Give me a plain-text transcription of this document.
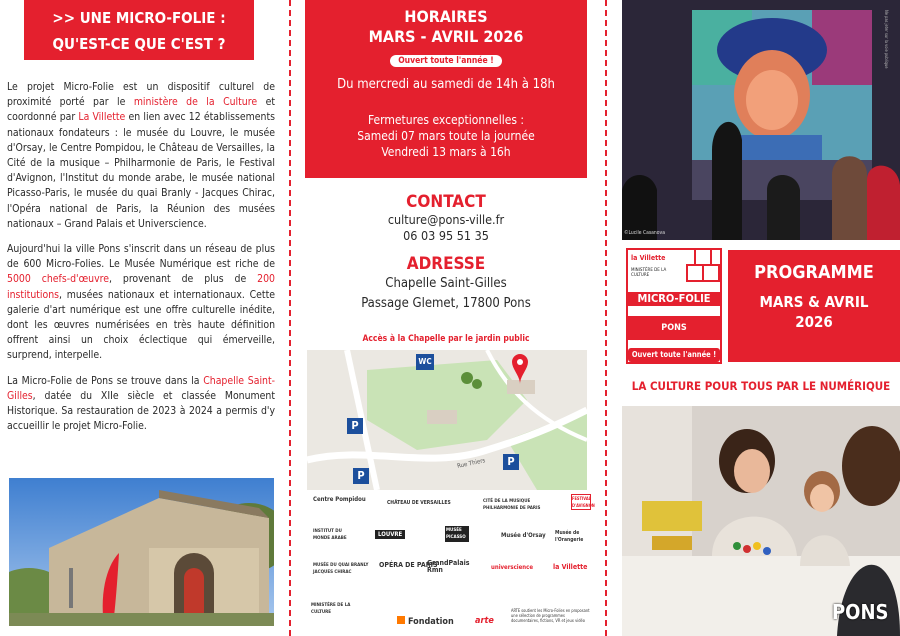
>> UNE MICRO-FOLIE :
QU'EST-CE QUE C'EST ?

Le projet Micro-Folie est un dispositif culturel de proximité porté par le ministère de la Culture et coordonné par La Villette en lien avec 12 établissements nationaux fondateurs : le musée du Louvre, le musée d'Orsay, le Centre Pompidou, le Château de Versailles, la Cité de la musique – Philharmonie de Paris, le Festival d'Avignon, l'Institut du monde arabe, le musée national Picasso-Paris, le musée du quai Branly - Jacques Chirac, l'Opéra national de Paris, la Réunion des musées nationaux – Grand Palais et Universcience.

Aujourd'hui la ville Pons s'inscrit dans un réseau de plus de 600 Micro-Folies. Le Musée Numérique est riche de 5000 chefs-d'œuvre, provenant de plus de 200 institutions, musées nationaux et internationaux. Cette galerie d'art numérique est une offre culturelle inédite, dont les œuvres numérisées en très haute définition offrent ainsi un choix éclectique qui émerveille, surprend, interpelle.

La Micro-Folie de Pons se trouve dans la Chapelle Saint-Gilles, datée du XIIe siècle et classée Monument Historique. Sa restauration de 2023 à 2024 a permis d'y accueillir le projet Micro-Folie.

HORAIRES
MARS - AVRIL 2026
Ouvert toute l'année !
Du mercredi au samedi de 14h à 18h
Fermetures exceptionnelles :
Samedi 07 mars toute la journée
Vendredi 13 mars à 16h
CONTACT
culture@pons-ville.fr
06 03 95 51 35
ADRESSE
Chapelle Saint-Gilles
Passage Glemet, 17800 Pons
Accès à la Chapelle par le jardin public
WC
P
P
P
Rue Thiers
Centre Pompidou	CHÂTEAU DE VERSAILLES	CITÉ DE LA MUSIQUE PHILHARMONIE DE PARIS
FESTIVAL D'AVIGNON
INSTITUT DU MONDE ARABE
LOUVRE
MUSÉE PICASSO	Musée d'Orsay Musée de l'Orangerie
MUSÉE DU QUAI BRANLY JACQUES CHIRAC
OPÉRA DE PARIS
GrandPalais Rmn	universcience	la Villette
MINISTÈRE DE LA CULTURE
Fondation arte
ARTE soutient les Micro-Folies en proposant une sélection de programmes documentaires, fictions, VR et jeux vidéo
©Lucile Casanova
Ne pas jeter sur la voie publique
la Villette
MINISTÈRE DE LA CULTURE
MICRO-FOLIE
PONS
Ouvert toute l'année !
PROGRAMME
MARS & AVRIL
2026
LA CULTURE POUR TOUS PAR LE NUMÉRIQUE
PONS
